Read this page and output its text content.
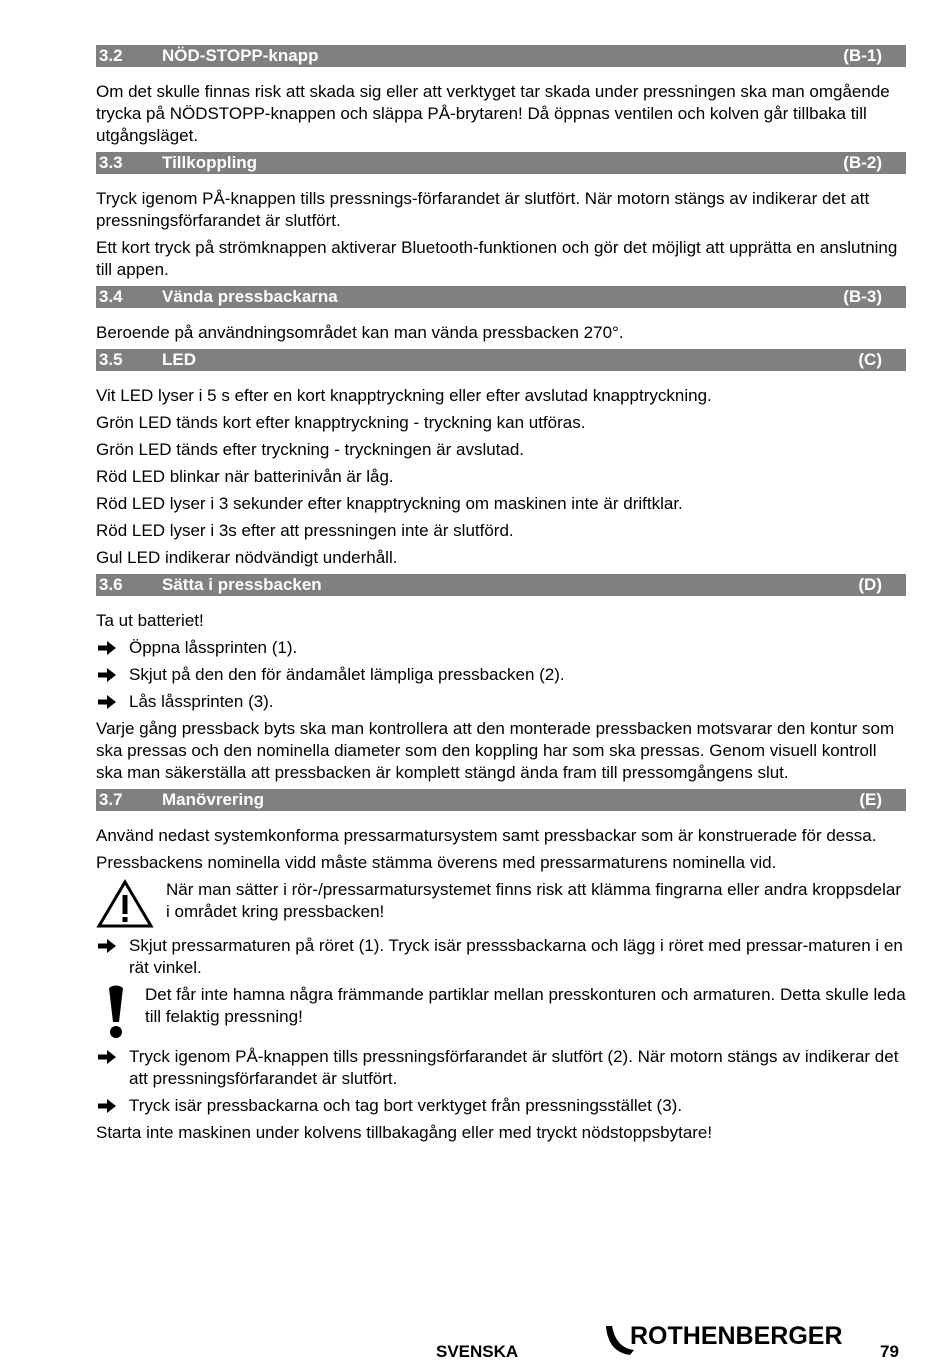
3.2 NÖD-STOPP-knapp	(B-1)

Om det skulle finnas risk att skada sig eller att verktyget tar skada under pressningen ska man omgående trycka på NÖDSTOPP-knappen och släppa PÅ-brytaren! Då öppnas ventilen och kolven går tillbaka till utgångsläget.

3.3 Tillkoppling	(B-2)

Tryck igenom PÅ-knappen tills pressnings-förfarandet är slutfört. När motorn stängs av indikerar det att pressningsförfarandet är slutfört.

Ett kort tryck på strömknappen aktiverar Bluetooth-funktionen och gör det möjligt att upprätta en anslutning till appen.

3.4 Vända pressbackarna	(B-3)

Beroende på användningsområdet kan man vända pressbacken 270°.

3.5 LED	(C)

Vit LED lyser i 5 s efter en kort knapptryckning eller efter avslutad knapptryckning.

Grön LED tänds kort efter knapptryckning - tryckning kan utföras.

Grön LED tänds efter tryckning - tryckningen är avslutad.

Röd LED blinkar när batterinivån är låg.

Röd LED lyser i 3 sekunder efter knapptryckning om maskinen inte är driftklar.

Röd LED lyser i 3s efter att pressningen inte är slutförd.

Gul LED indikerar nödvändigt underhåll.

3.6 Sätta i pressbacken	(D)

Ta ut batteriet!

Öppna låssprinten (1).
Skjut på den den för ändamålet lämpliga pressbacken (2).
Lås låssprinten (3).

Varje gång pressback byts ska man kontrollera att den monterade pressbacken motsvarar den kontur som ska pressas och den nominella diameter som den koppling har som ska pressas. Genom visuell kontroll ska man säkerställa att pressbacken är komplett stängd ända fram till pressomgångens slut.

3.7 Manövrering	(E)

Använd nedast systemkonforma pressarmatursystem samt pressbackar som är konstruerade för dessa.

Pressbackens nominella vidd måste stämma överens med pressarmaturens nominella vid.

När man sätter i rör-/pressarmatursystemet finns risk att klämma fingrarna eller andra kroppsdelar i området kring pressbacken!
Skjut pressarmaturen på röret (1). Tryck isär presssbackarna och lägg i röret med pressar-maturen i en rät vinkel.
Det får inte hamna några främmande partiklar mellan presskonturen och armaturen. Detta skulle leda till felaktig pressning!
Tryck igenom PÅ-knappen tills pressningsförfarandet är slutfört (2). När motorn stängs av indikerar det att pressningsförfarandet är slutfört.
Tryck isär pressbackarna och tag bort verktyget från pressningsstället (3).

Starta inte maskinen under kolvens tillbakagång eller med tryckt nödstoppsbytare!

SVENSKA
ROTHENBERGER
79
